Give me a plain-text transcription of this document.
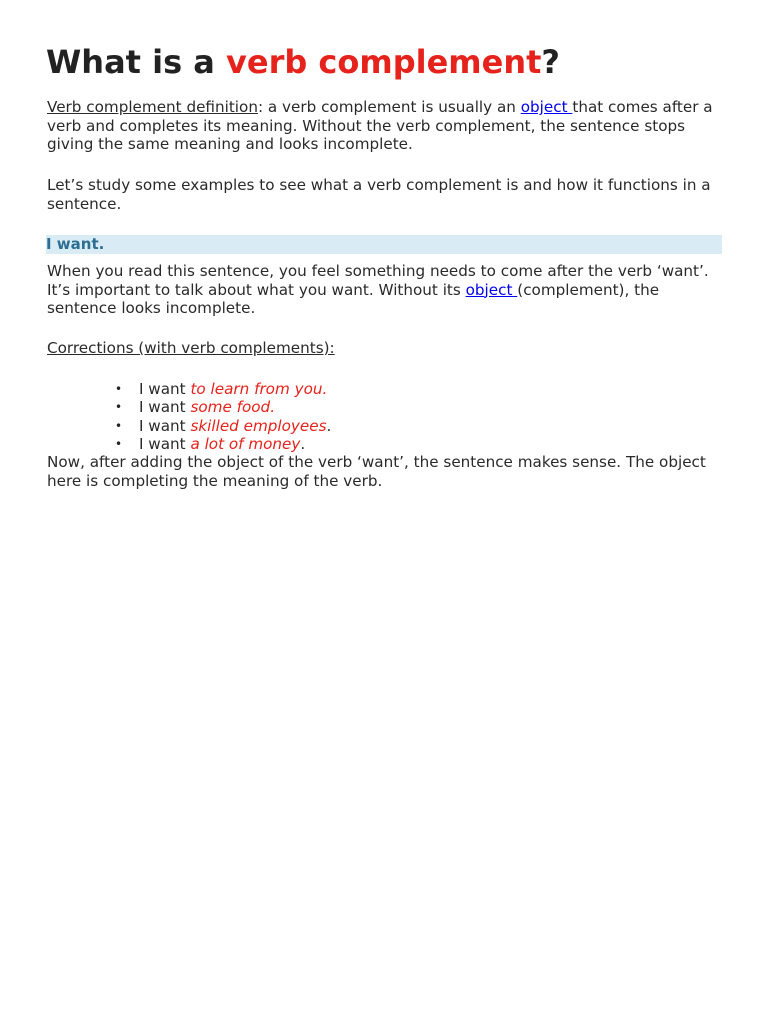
What is a verb complement?

Verb complement definition: a verb complement is usually an object that comes after a verb and completes its meaning. Without the verb complement, the sentence stops giving the same meaning and looks incomplete.

Let’s study some examples to see what a verb complement is and how it functions in a sentence.

I want.

When you read this sentence, you feel something needs to come after the verb ‘want’. It’s important to talk about what you want. Without its object (complement), the sentence looks incomplete.

Corrections (with verb complements):

• I want to learn from you.
• I want some food.
• I want skilled employees.
• I want a lot of money.

Now, after adding the object of the verb ‘want’, the sentence makes sense. The object here is completing the meaning of the verb.
